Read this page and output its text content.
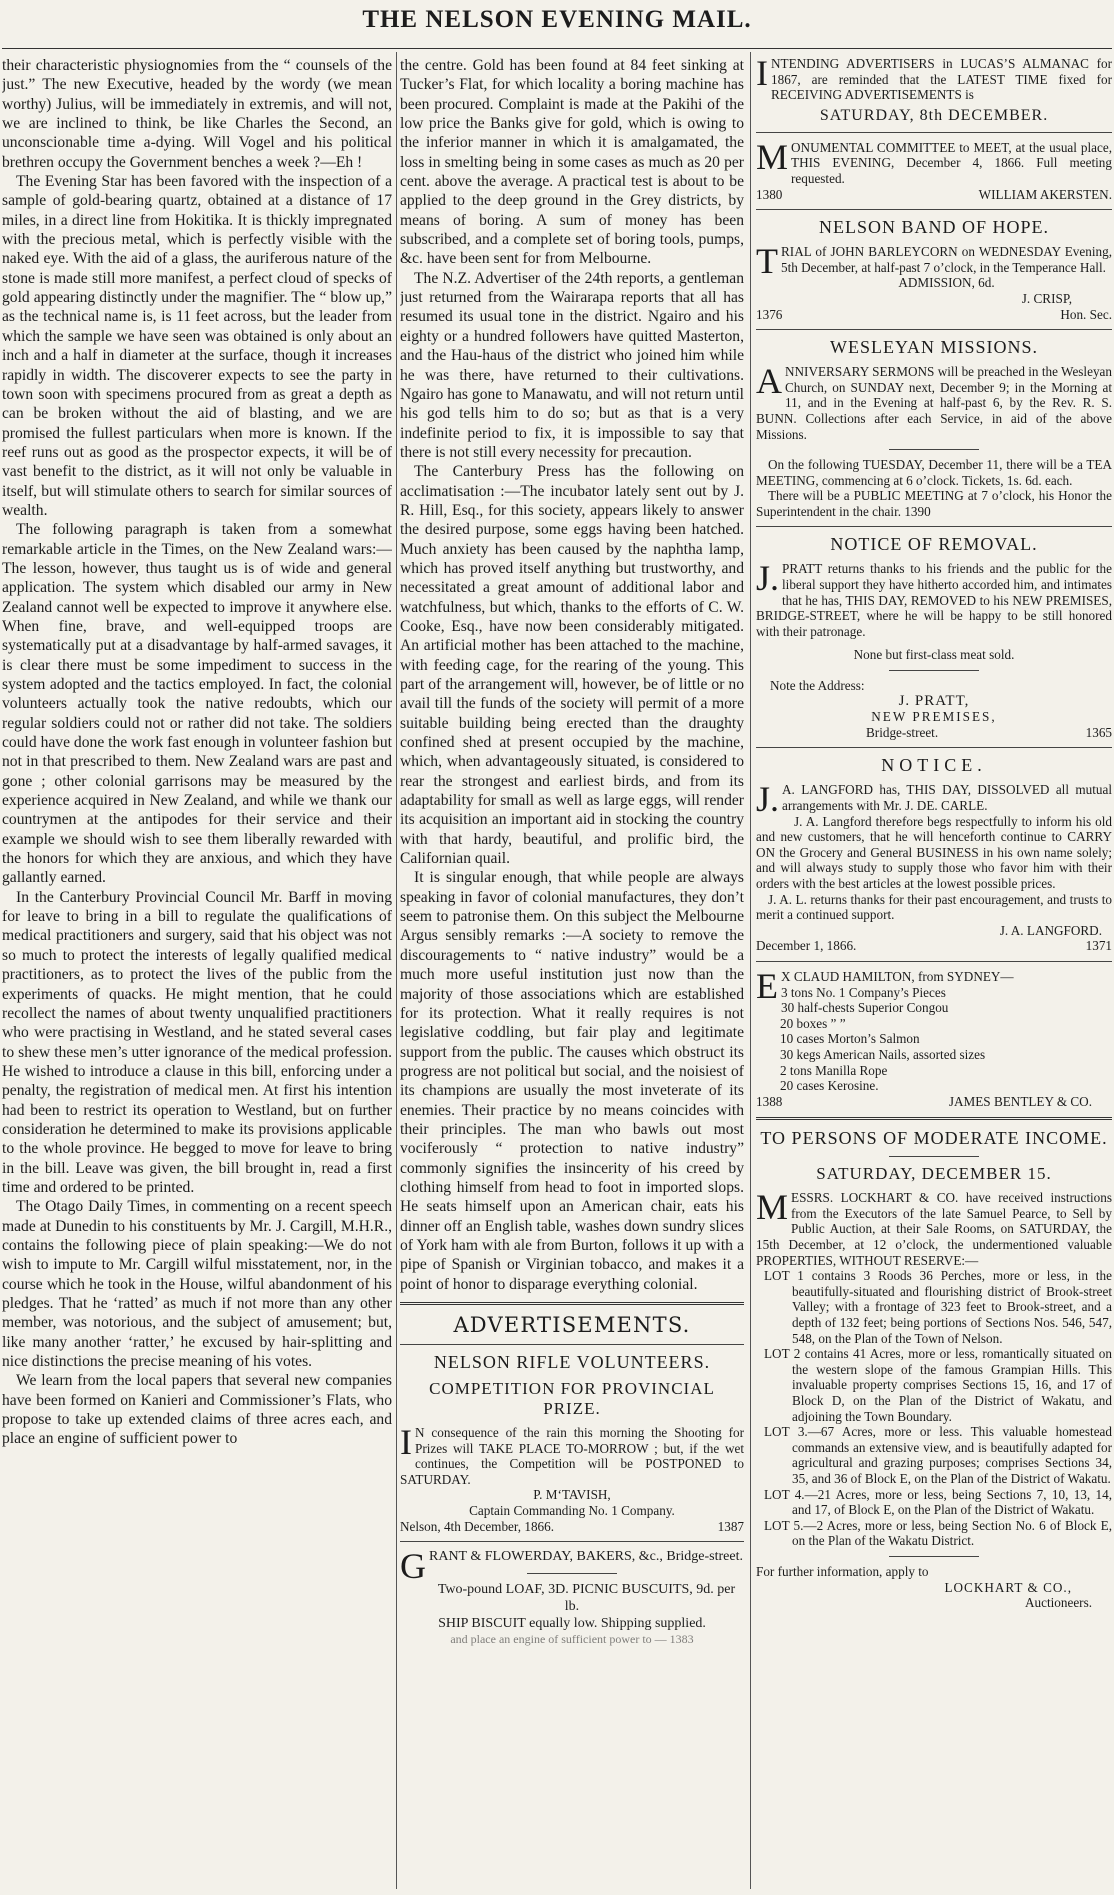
THE NELSON EVENING MAIL.

their characteristic physiognomies from the “ counsels of the just.” The new Executive, headed by the wordy (we mean worthy) Julius, will be immediately in extremis, and will not, we are inclined to think, be like Charles the Second, an unconscionable time a-dying. Will Vogel and his political brethren occupy the Government benches a week ?—Eh !

The Evening Star has been favored with the inspection of a sample of gold-bearing quartz, obtained at a distance of 17 miles, in a direct line from Hokitika. It is thickly impregnated with the precious metal, which is perfectly visible with the naked eye. With the aid of a glass, the auriferous nature of the stone is made still more manifest, a perfect cloud of specks of gold appearing distinctly under the magnifier. The “ blow up,” as the technical name is, is 11 feet across, but the leader from which the sample we have seen was obtained is only about an inch and a half in diameter at the surface, though it increases rapidly in width. The discoverer expects to see the party in town soon with specimens procured from as great a depth as can be broken without the aid of blasting, and we are promised the fullest particulars when more is known. If the reef runs out as good as the prospector expects, it will be of vast benefit to the district, as it will not only be valuable in itself, but will stimulate others to search for similar sources of wealth.

The following paragraph is taken from a somewhat remarkable article in the Times, on the New Zealand wars:—The lesson, however, thus taught us is of wide and general application. The system which disabled our army in New Zealand cannot well be expected to improve it anywhere else. When fine, brave, and well-equipped troops are systematically put at a disadvantage by half-armed savages, it is clear there must be some impediment to success in the system adopted and the tactics employed. In fact, the colonial volunteers actually took the native redoubts, which our regular soldiers could not or rather did not take. The soldiers could have done the work fast enough in volunteer fashion but not in that prescribed to them. New Zealand wars are past and gone ; other colonial garrisons may be measured by the experience acquired in New Zealand, and while we thank our countrymen at the antipodes for their service and their example we should wish to see them liberally rewarded with the honors for which they are anxious, and which they have gallantly earned.

In the Canterbury Provincial Council Mr. Barff in moving for leave to bring in a bill to regulate the qualifications of medical practitioners and surgery, said that his object was not so much to protect the interests of legally qualified medical practitioners, as to protect the lives of the public from the experiments of quacks. He might mention, that he could recollect the names of about twenty unqualified practitioners who were practising in Westland, and he stated several cases to shew these men’s utter ignorance of the medical profession. He wished to introduce a clause in this bill, enforcing under a penalty, the registration of medical men. At first his intention had been to restrict its operation to Westland, but on further consideration he determined to make its provisions applicable to the whole province. He begged to move for leave to bring in the bill. Leave was given, the bill brought in, read a first time and ordered to be printed.

The Otago Daily Times, in commenting on a recent speech made at Dunedin to his constituents by Mr. J. Cargill, M.H.R., contains the following piece of plain speaking:—We do not wish to impute to Mr. Cargill wilful misstatement, nor, in the course which he took in the House, wilful abandonment of his pledges. That he ‘ratted’ as much if not more than any other member, was notorious, and the subject of amusement; but, like many another ‘ratter,’ he excused by hair-splitting and nice distinctions the precise meaning of his votes.

We learn from the local papers that several new companies have been formed on Kanieri and Commissioner’s Flats, who propose to take up extended claims of three acres each, and place an engine of sufficient power to

the centre. Gold has been found at 84 feet sinking at Tucker’s Flat, for which locality a boring machine has been procured. Complaint is made at the Pakihi of the low price the Banks give for gold, which is owing to the inferior manner in which it is amalgamated, the loss in smelting being in some cases as much as 20 per cent. above the average. A practical test is about to be applied to the deep ground in the Grey districts, by means of boring. A sum of money has been subscribed, and a complete set of boring tools, pumps, &c. have been sent for from Melbourne.

The N.Z. Advertiser of the 24th reports, a gentleman just returned from the Wairarapa reports that all has resumed its usual tone in the district. Ngairo and his eighty or a hundred followers have quitted Masterton, and the Hau-haus of the district who joined him while he was there, have returned to their cultivations. Ngairo has gone to Manawatu, and will not return until his god tells him to do so; but as that is a very indefinite period to fix, it is impossible to say that there is not still every necessity for precaution.

The Canterbury Press has the following on acclimatisation :—The incubator lately sent out by J. R. Hill, Esq., for this society, appears likely to answer the desired purpose, some eggs having been hatched. Much anxiety has been caused by the naphtha lamp, which has proved itself anything but trustworthy, and necessitated a great amount of additional labor and watchfulness, but which, thanks to the efforts of C. W. Cooke, Esq., have now been considerably mitigated. An artificial mother has been attached to the machine, with feeding cage, for the rearing of the young. This part of the arrangement will, however, be of little or no avail till the funds of the society will permit of a more suitable building being erected than the draughty confined shed at present occupied by the machine, which, when advantageously situated, is considered to rear the strongest and earliest birds, and from its adaptability for small as well as large eggs, will render its acquisition an important aid in stocking the country with that hardy, beautiful, and prolific bird, the Californian quail.

It is singular enough, that while people are always speaking in favor of colonial manufactures, they don’t seem to patronise them. On this subject the Melbourne Argus sensibly remarks :—A society to remove the discouragements to “ native industry” would be a much more useful institution just now than the majority of those associations which are established for its protection. What it really requires is not legislative coddling, but fair play and legitimate support from the public. The causes which obstruct its progress are not political but social, and the noisiest of its champions are usually the most inveterate of its enemies. Their practice by no means coincides with their principles. The man who bawls out most vociferously “ protection to native industry” commonly signifies the insincerity of his creed by clothing himself from head to foot in imported slops. He seats himself upon an American chair, eats his dinner off an English table, washes down sundry slices of York ham with ale from Burton, follows it up with a pipe of Spanish or Virginian tobacco, and makes it a point of honor to disparage everything colonial.

ADVERTISEMENTS.
NELSON RIFLE VOLUNTEERS.
COMPETITION FOR PROVINCIAL PRIZE.

I N consequence of the rain this morning the Shooting for Prizes will TAKE PLACE TO-MORROW ; but, if the wet continues, the Competition will be POSTPONED to SATURDAY.

P. M‘TAVISH,

Captain Commanding No. 1 Company.

Nelson, 4th December, 1866.	1387

GRANT & FLOWERDAY, BAKERS, &c., Bridge-street.

Two-pound LOAF, 3D. PICNIC BUSCUITS, 9d. per lb.

SHIP BISCUIT equally low. Shipping supplied.

and place an engine of sufficient power to — 1383

INTENDING ADVERTISERS in LUCAS’S ALMANAC for 1867, are reminded that the LATEST TIME fixed for RECEIVING ADVERTISEMENTS is

SATURDAY, 8th DECEMBER.

MONUMENTAL COMMITTEE to MEET, at the usual place, THIS EVENING, December 4, 1866. Full meeting requested.

1380	WILLIAM AKERSTEN.
NELSON BAND OF HOPE.

TRIAL of JOHN BARLEYCORN on WEDNESDAY Evening, 5th December, at half-past 7 o’clock, in the Temperance Hall.

ADMISSION, 6d.

J. CRISP,

1376	Hon. Sec.
WESLEYAN MISSIONS.

ANNIVERSARY SERMONS will be preached in the Wesleyan Church, on SUNDAY next, December 9; in the Morning at 11, and in the Evening at half-past 6, by the Rev. R. S. BUNN. Collections after each Service, in aid of the above Missions.

On the following TUESDAY, December 11, there will be a TEA MEETING, commencing at 6 o’clock. Tickets, 1s. 6d. each.

There will be a PUBLIC MEETING at 7 o’clock, his Honor the Superintendent in the chair. 1390

NOTICE OF REMOVAL.

J. PRATT returns thanks to his friends and the public for the liberal support they have hitherto accorded him, and intimates that he has, THIS DAY, REMOVED to his NEW PREMISES, BRIDGE-STREET, where he will be happy to be still honored with their patronage.

None but first-class meat sold.

Note the Address:

J. PRATT,

NEW PREMISES,

Bridge-street.	1365
NOTICE.

J. A. LANGFORD has, THIS DAY, DISSOLVED all mutual arrangements with Mr. J. DE. CARLE.

J. A. Langford therefore begs respectfully to inform his old and new customers, that he will henceforth continue to CARRY ON the Grocery and General BUSINESS in his own name solely; and will always study to supply those who favor him with their orders with the best articles at the lowest possible prices.

J. A. L. returns thanks for their past encouragement, and trusts to merit a continued support.

J. A. LANGFORD.

December 1, 1866.	1371

E X CLAUD HAMILTON, from SYDNEY—

3 tons No. 1 Company’s Pieces

30 half-chests Superior Congou

20 boxes ” ”

10 cases Morton’s Salmon

30 kegs American Nails, assorted sizes

2 tons Manilla Rope

20 cases Kerosine.

1388	JAMES BENTLEY & CO.
TO PERSONS OF MODERATE INCOME.
SATURDAY, DECEMBER 15.

MESSRS. LOCKHART & CO. have received instructions from the Executors of the late Samuel Pearce, to Sell by Public Auction, at their Sale Rooms, on SATURDAY, the 15th December, at 12 o’clock, the undermentioned valuable PROPERTIES, WITHOUT RESERVE:—

LOT 1 contains 3 Roods 36 Perches, more or less, in the beautifully-situated and flourishing district of Brook-street Valley; with a frontage of 323 feet to Brook-street, and a depth of 132 feet; being portions of Sections Nos. 546, 547, 548, on the Plan of the Town of Nelson.

LOT 2 contains 41 Acres, more or less, romantically situated on the western slope of the famous Grampian Hills. This invaluable property comprises Sections 15, 16, and 17 of Block D, on the Plan of the District of Wakatu, and adjoining the Town Boundary.

LOT 3.—67 Acres, more or less. This valuable homestead commands an extensive view, and is beautifully adapted for agricultural and grazing purposes; comprises Sections 34, 35, and 36 of Block E, on the Plan of the District of Wakatu.

LOT 4.—21 Acres, more or less, being Sections 7, 10, 13, 14, and 17, of Block E, on the Plan of the District of Wakatu.

LOT 5.—2 Acres, more or less, being Section No. 6 of Block E, on the Plan of the Wakatu District.

For further information, apply to

LOCKHART & CO.,

Auctioneers.
